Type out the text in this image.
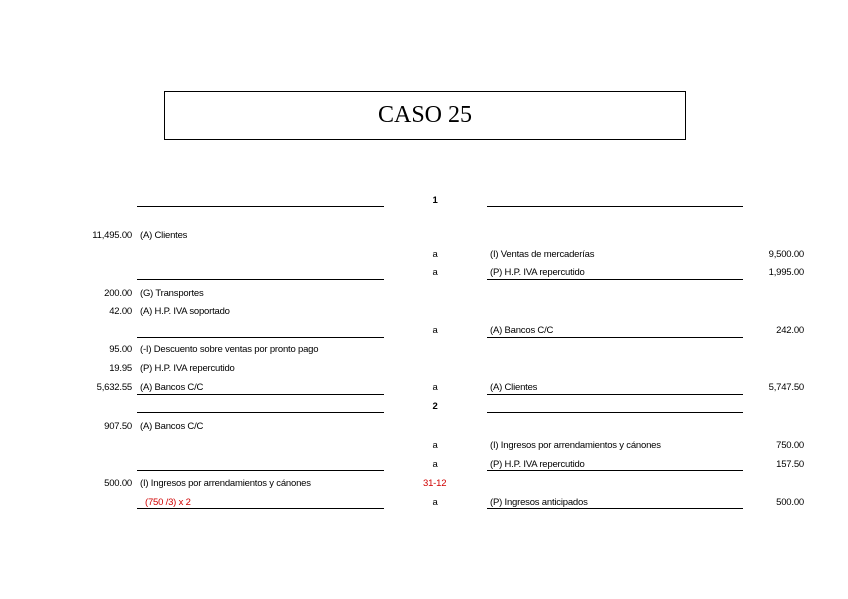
CASO 25
1
11,495.00 (A) Clientes
a	(I) Ventas de mercaderías	9,500.00
a	(P) H.P. IVA repercutido	1,995.00
200.00 (G) Transportes
42.00 (A) H.P. IVA soportado
a	(A) Bancos C/C	242.00
95.00 (-I) Descuento sobre ventas por pronto pago
19.95 (P) H.P. IVA repercutido
5,632.55 (A) Bancos C/C	a	(A) Clientes	5,747.50
2
907.50 (A) Bancos C/C
a	(I) Ingresos por arrendamientos y cánones	750.00
a	(P) H.P. IVA repercutido	157.50
500.00 (I) Ingresos por arrendamientos y cánones	31-12
(750 /3) x 2	a	(P) Ingresos anticipados	500.00
